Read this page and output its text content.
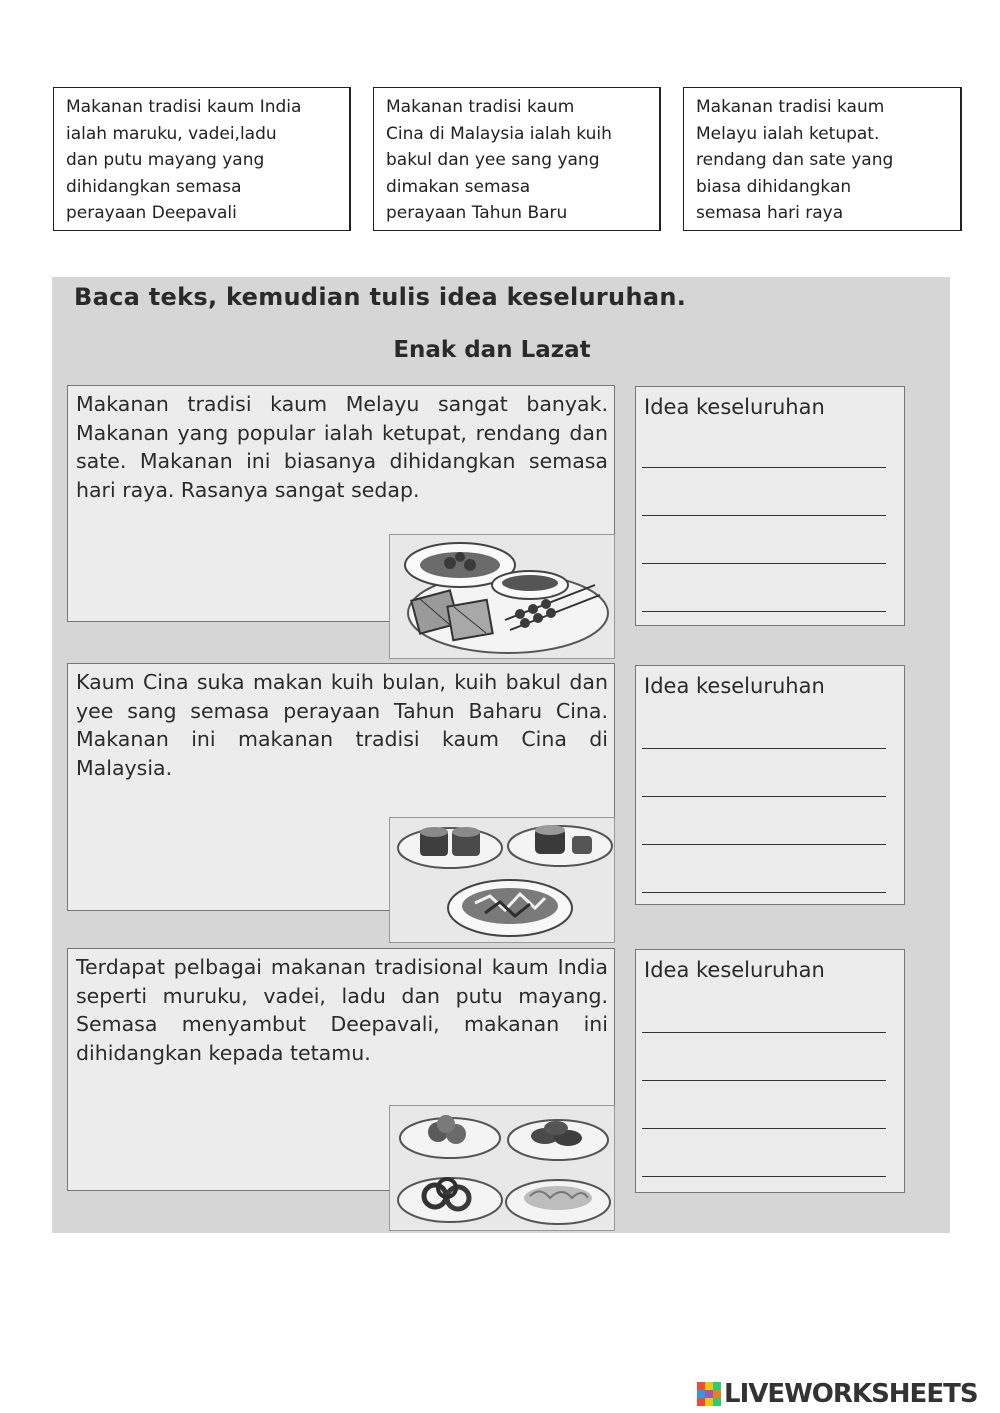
Makanan tradisi kaum India
ialah maruku, vadei,ladu
dan putu mayang yang
dihidangkan semasa
perayaan Deepavali
Makanan tradisi kaum
Cina di Malaysia ialah kuih
bakul dan yee sang yang
dimakan semasa
perayaan Tahun Baru
Makanan tradisi kaum
Melayu ialah ketupat.
rendang dan sate yang
biasa dihidangkan
semasa hari raya
Baca teks, kemudian tulis idea keseluruhan.
Enak dan Lazat
Makanan tradisi kaum Melayu sangat banyak. Makanan yang popular ialah ketupat, rendang dan sate. Makanan ini biasanya dihidangkan semasa hari raya. Rasanya sangat sedap.
Idea keseluruhan
Kaum Cina suka makan kuih bulan, kuih bakul dan yee sang semasa perayaan Tahun Baharu Cina. Makanan ini makanan tradisi kaum Cina di Malaysia.
Idea keseluruhan
Terdapat pelbagai makanan tradisional kaum India seperti muruku, vadei, ladu dan putu mayang. Semasa menyambut Deepavali, makanan ini dihidangkan kepada tetamu.
Idea keseluruhan
LIVEWORKSHEETS
